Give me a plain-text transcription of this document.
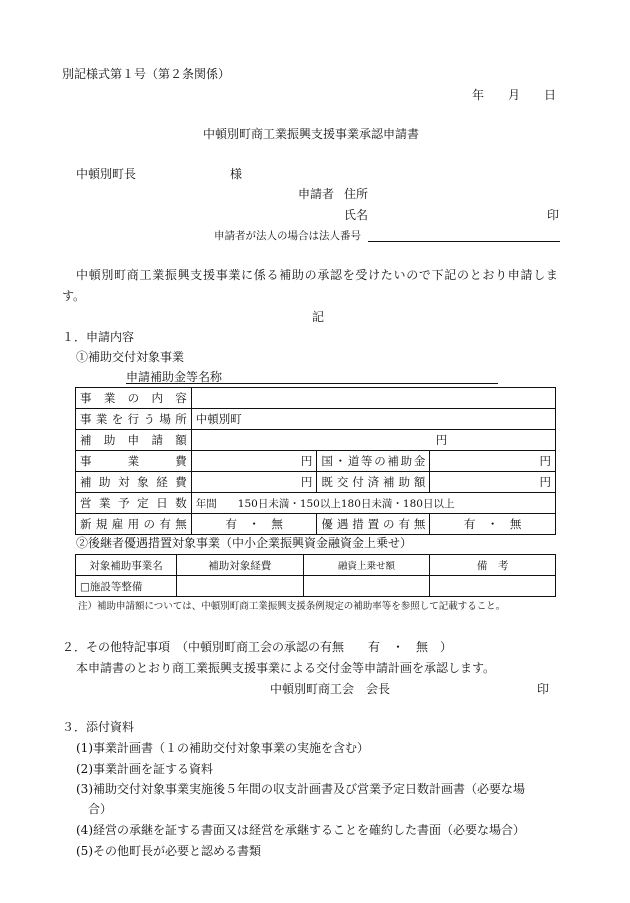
別記様式第１号（第２条関係）
年　　月　　日
中頓別町商工業振興支援事業承認申請書
中頓別町長	様
申請者 住所
氏名	印
申請者が法人の場合は法人番号
中頓別町商工業振興支援事業に係る補助の承認を受けたいので下記のとおり申請しま
す。
記
１．申請内容
①補助交付対象事業
申請補助金等名称
事業の内容			
事業を行う場所	中頓別町		
補助申請額	円		
事業費	円	国・道等の補助金	円
補助対象経費	円	既交付済補助額	円
営業予定日数	年間　　150日未満・150以上180日未満・180日以上		
新規雇用の有無	有　・　無	優遇措置の有無	有　・　無
②後継者優遇措置対象事業（中小企業振興資金融資金上乗せ）
対象補助事業名	補助対象経費	融資上乗せ額	備　考
□施設等整備			
注）補助申請額については、中頓別町商工業振興支援条例規定の補助率等を参照して記載すること。
２．その他特記事項　（中頓別町商工会の承認の有無　　有　・　無　）
本申請書のとおり商工業振興支援事業による交付金等申請計画を承認します。
中頓別町商工会　会長	印
３．添付資料
(1)事業計画書（１の補助交付対象事業の実施を含む）
(2)事業計画を証する資料
(3)補助交付対象事業実施後５年間の収支計画書及び営業予定日数計画書（必要な場
合）
(4)経営の承継を証する書面又は経営を承継することを確約した書面（必要な場合）
(5)その他町長が必要と認める書類
